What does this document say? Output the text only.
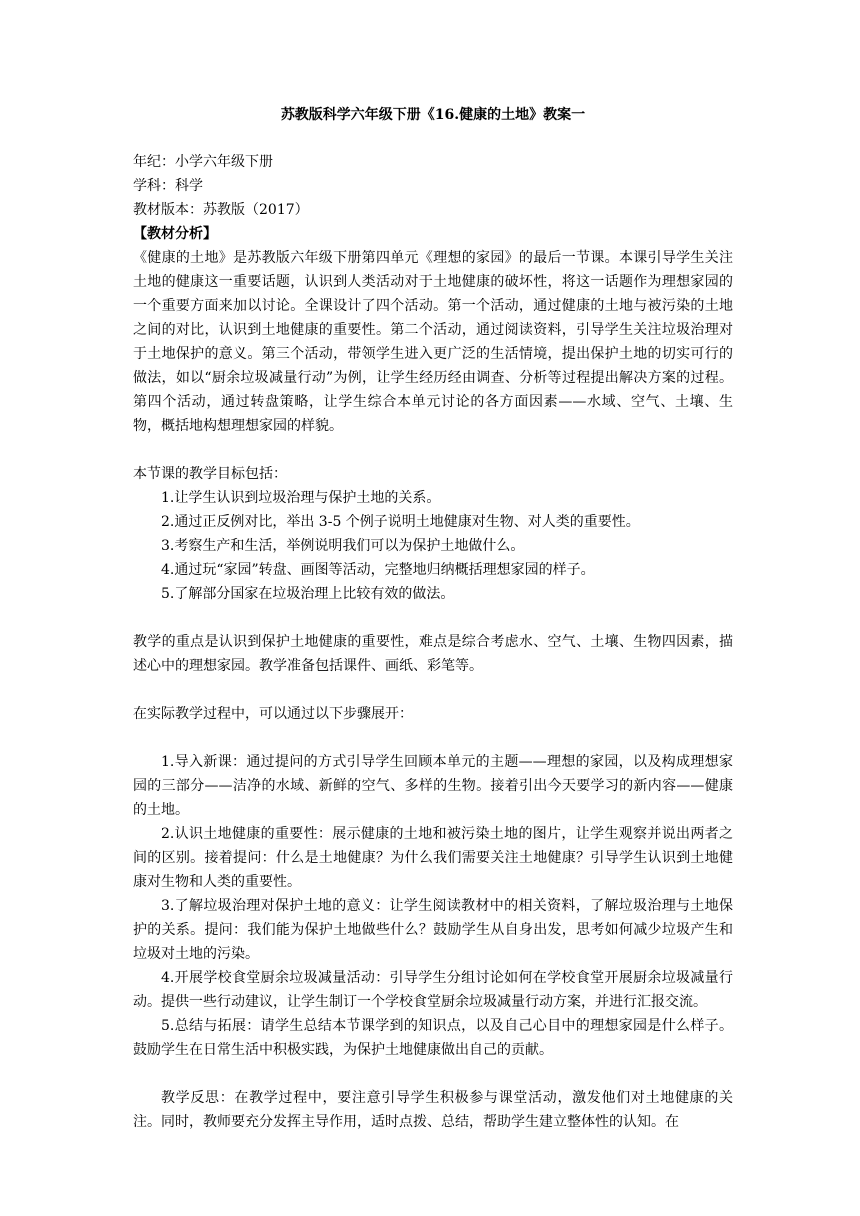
苏教版科学六年级下册《16.健康的土地》教案一

年纪：小学六年级下册

学科：科学

教材版本：苏教版（2017）

【教材分析】

《健康的土地》是苏教版六年级下册第四单元《理想的家园》的最后一节课。本课引导学生关注土地的健康这一重要话题，认识到人类活动对于土地健康的破坏性，将这一话题作为理想家园的一个重要方面来加以讨论。全课设计了四个活动。第一个活动，通过健康的土地与被污染的土地之间的对比，认识到土地健康的重要性。第二个活动，通过阅读资料，引导学生关注垃圾治理对于土地保护的意义。第三个活动，带领学生进入更广泛的生活情境，提出保护土地的切实可行的做法，如以“厨余垃圾减量行动”为例，让学生经历经由调查、分析等过程提出解决方案的过程。第四个活动，通过转盘策略，让学生综合本单元讨论的各方面因素——水域、空气、土壤、生物，概括地构想理想家园的样貌。

本节课的教学目标包括：

1.让学生认识到垃圾治理与保护土地的关系。

2.通过正反例对比，举出 3-5 个例子说明土地健康对生物、对人类的重要性。

3.考察生产和生活，举例说明我们可以为保护土地做什么。

4.通过玩“家园”转盘、画图等活动，完整地归纳概括理想家园的样子。

5.了解部分国家在垃圾治理上比较有效的做法。

教学的重点是认识到保护土地健康的重要性，难点是综合考虑水、空气、土壤、生物四因素，描述心中的理想家园。教学准备包括课件、画纸、彩笔等。

在实际教学过程中，可以通过以下步骤展开：

1.导入新课：通过提问的方式引导学生回顾本单元的主题——理想的家园，以及构成理想家园的三部分——洁净的水域、新鲜的空气、多样的生物。接着引出今天要学习的新内容——健康的土地。

2.认识土地健康的重要性：展示健康的土地和被污染土地的图片，让学生观察并说出两者之间的区别。接着提问：什么是土地健康？为什么我们需要关注土地健康？引导学生认识到土地健康对生物和人类的重要性。

3.了解垃圾治理对保护土地的意义：让学生阅读教材中的相关资料，了解垃圾治理与土地保护的关系。提问：我们能为保护土地做些什么？鼓励学生从自身出发，思考如何减少垃圾产生和垃圾对土地的污染。

4.开展学校食堂厨余垃圾减量活动：引导学生分组讨论如何在学校食堂开展厨余垃圾减量行动。提供一些行动建议，让学生制订一个学校食堂厨余垃圾减量行动方案，并进行汇报交流。

5.总结与拓展：请学生总结本节课学到的知识点，以及自己心目中的理想家园是什么样子。鼓励学生在日常生活中积极实践，为保护土地健康做出自己的贡献。

教学反思：在教学过程中，要注意引导学生积极参与课堂活动，激发他们对土地健康的关注。同时，教师要充分发挥主导作用，适时点拨、总结，帮助学生建立整体性的认知。在
